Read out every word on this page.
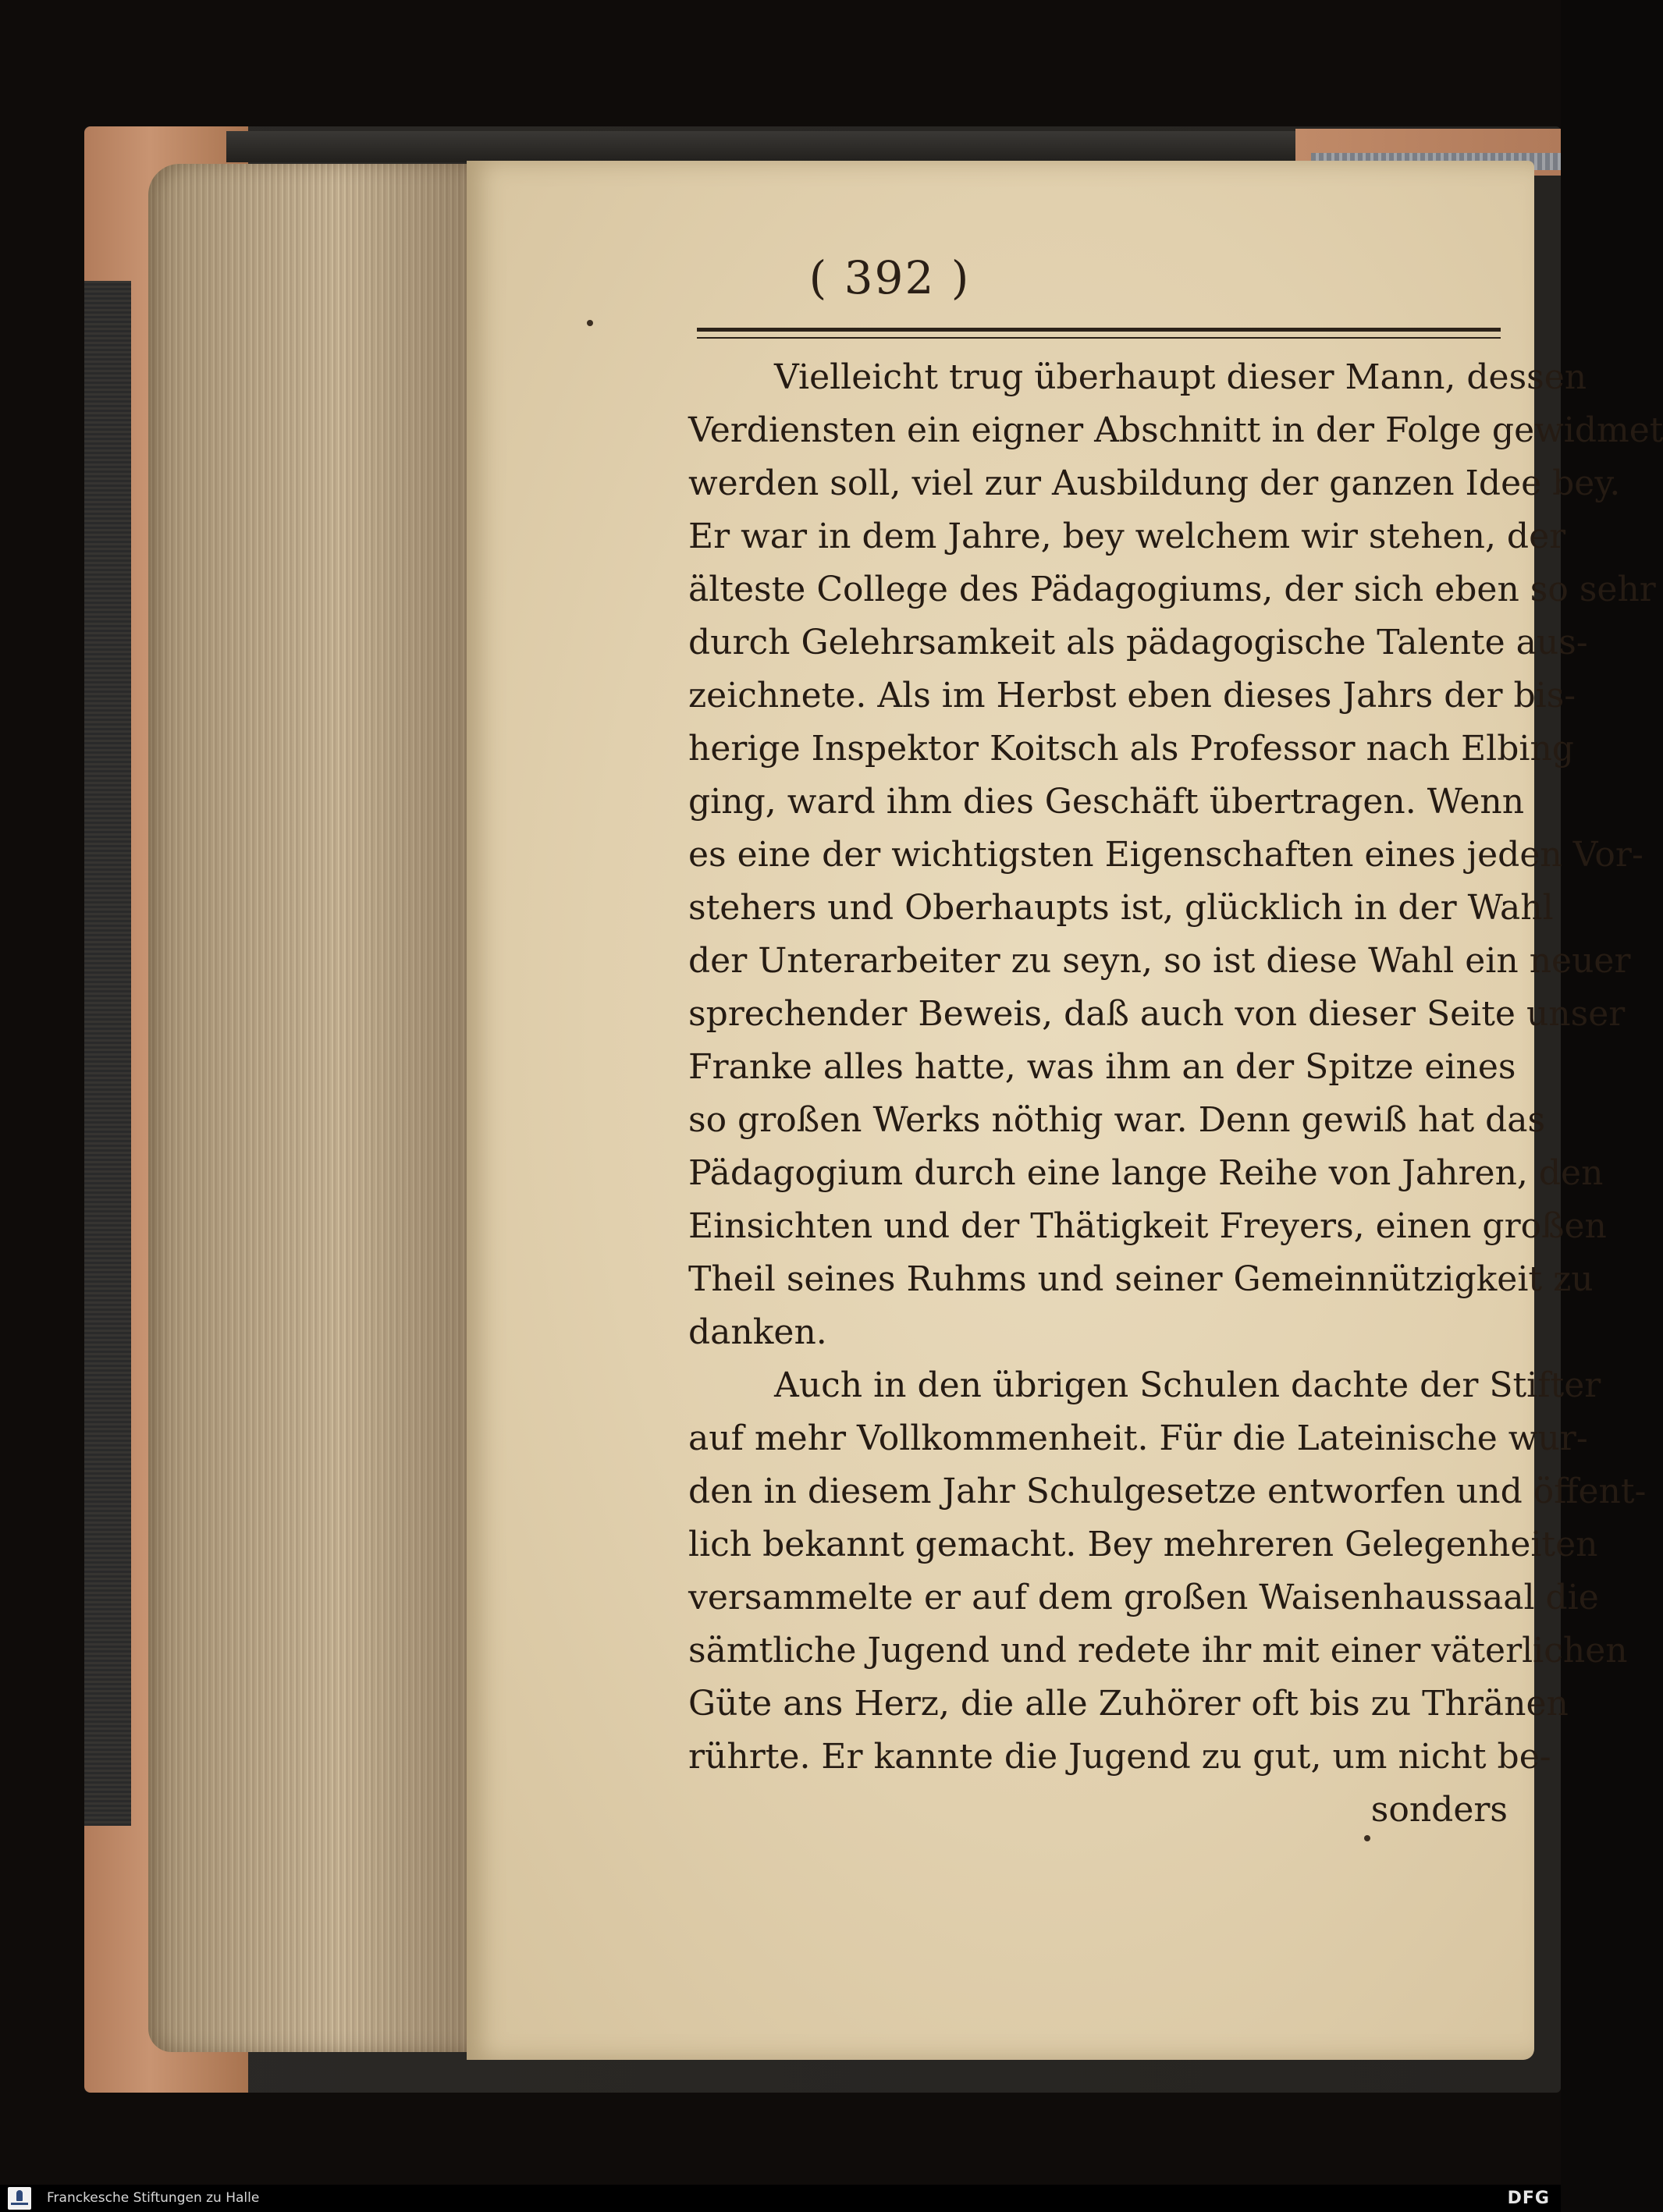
( 392 )
Vielleicht trug überhaupt dieser Mann, dessen
Verdiensten ein eigner Abschnitt in der Folge gewidmet
werden soll, viel zur Ausbildung der ganzen Idee bey.
Er war in dem Jahre, bey welchem wir stehen, der
älteste College des Pädagogiums, der sich eben so sehr
durch Gelehrsamkeit als pädagogische Talente aus-
zeichnete. Als im Herbst eben dieses Jahrs der bis-
herige Inspektor Koitsch als Professor nach Elbing
ging, ward ihm dies Geschäft übertragen. Wenn
es eine der wichtigsten Eigenschaften eines jeden Vor-
stehers und Oberhaupts ist, glücklich in der Wahl
der Unterarbeiter zu seyn, so ist diese Wahl ein neuer
sprechender Beweis, daß auch von dieser Seite unser
Franke alles hatte, was ihm an der Spitze eines
so großen Werks nöthig war. Denn gewiß hat das
Pädagogium durch eine lange Reihe von Jahren, den
Einsichten und der Thätigkeit Freyers, einen großen
Theil seines Ruhms und seiner Gemeinnützigkeit zu
danken.
Auch in den übrigen Schulen dachte der Stifter
auf mehr Vollkommenheit. Für die Lateinische wur-
den in diesem Jahr Schulgesetze entworfen und öffent-
lich bekannt gemacht. Bey mehreren Gelegenheiten
versammelte er auf dem großen Waisenhaussaal die
sämtliche Jugend und redete ihr mit einer väterlichen
Güte ans Herz, die alle Zuhörer oft bis zu Thränen
rührte. Er kannte die Jugend zu gut, um nicht be-
sonders
Franckesche Stiftungen zu Halle	DFG
